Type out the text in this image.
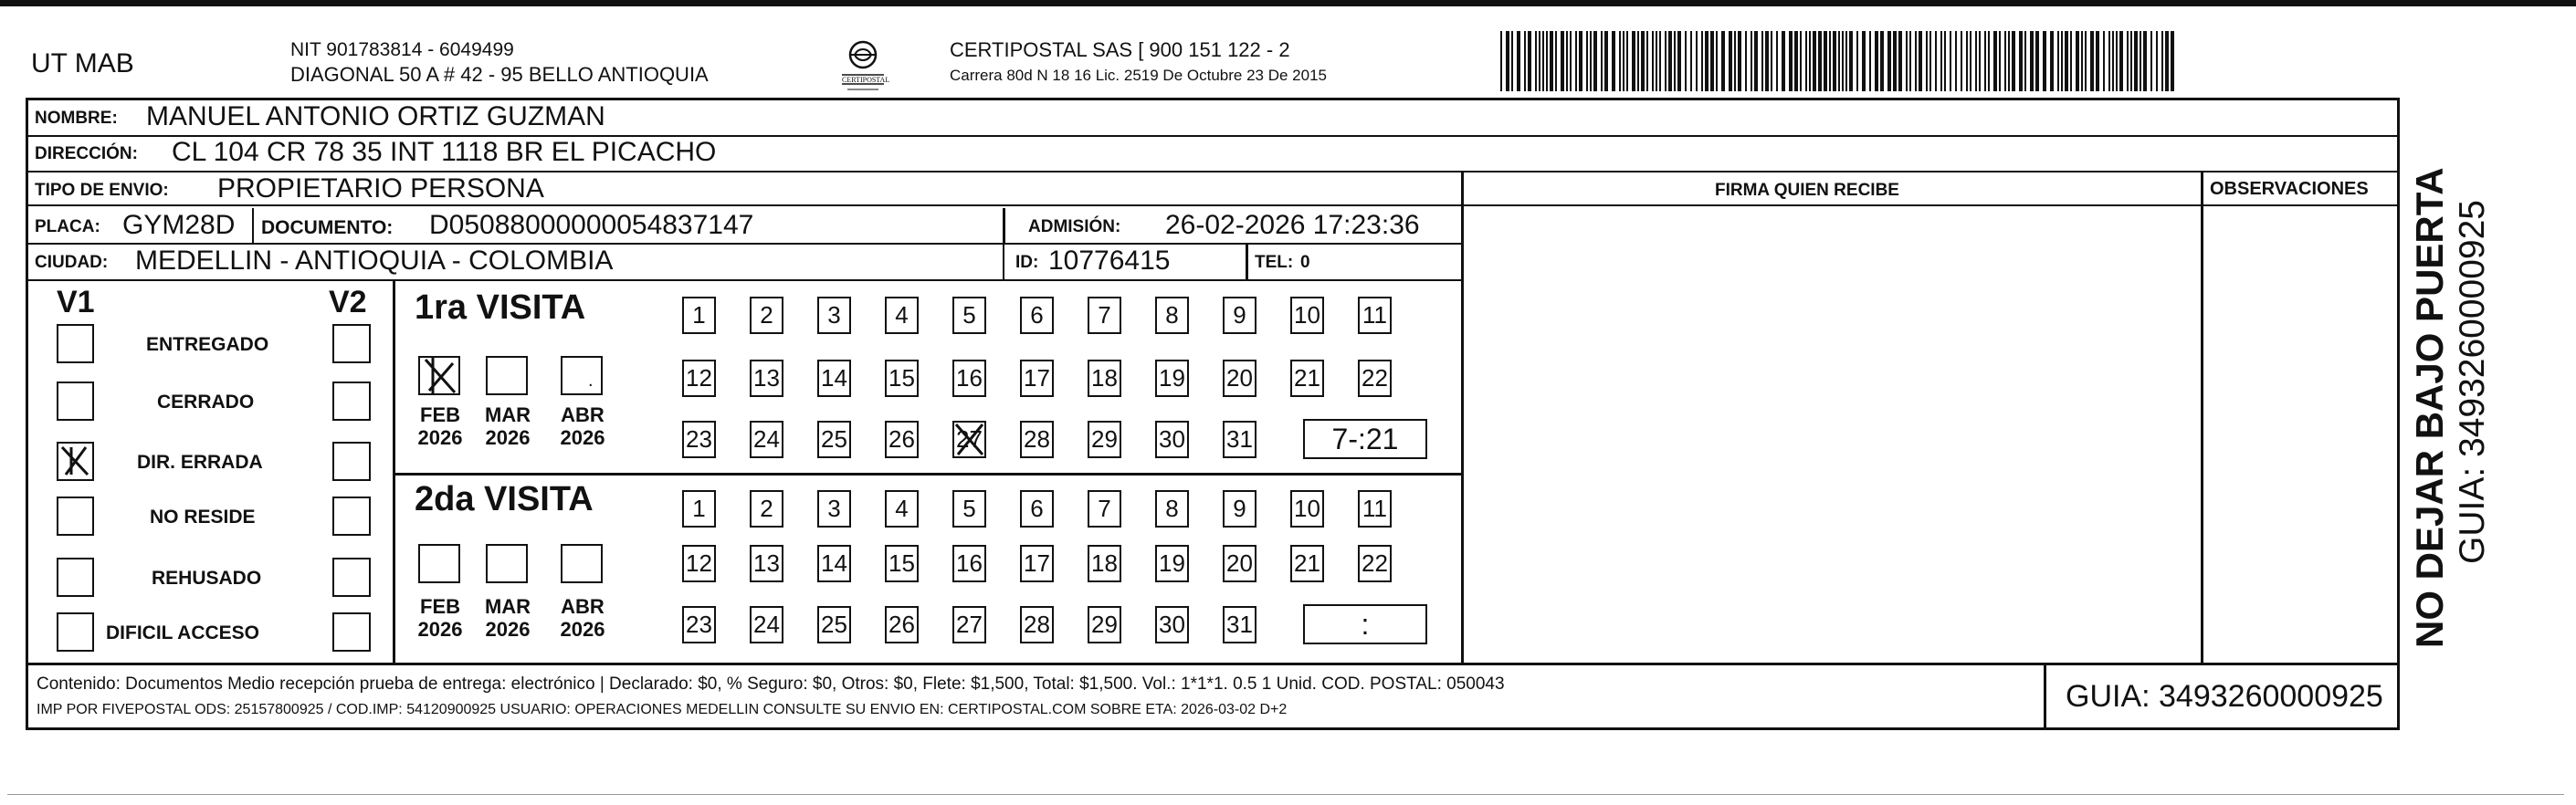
UT MAB	NIT 901783814 - 6049499
DIAGONAL 50 A # 42 - 95 BELLO ANTIOQUIA	CERTIPOSTAL
CERTIPOSTAL SAS [ 900 151 122 - 2
Carrera 80d N 18 16 Lic. 2519 De Octubre 23 De 2015
NOMBRE: MANUEL ANTONIO ORTIZ GUZMAN
DIRECCIÓN: CL 104 CR 78 35 INT 1118 BR EL PICACHO
TIPO DE ENVIO: PROPIETARIO PERSONA	FIRMA QUIEN RECIBE	OBSERVACIONES
PLACA: GYM28D DOCUMENTO: D05088000000054837147	ADMISIÓN: 26-02-2026 17:23:36
CIUDAD: MEDELLIN - ANTIOQUIA - COLOMBIA	ID: 10776415	TEL: 0
V1	V2
ENTREGADO
CERRADO
DIR. ERRADA
NO RESIDE
REHUSADO
DIFICIL ACCESO
1ra VISITA
FEB
2026
MAR
2026
.
ABR
2026
1 2 3 4 5 6 7 8 9 10 11
12 13 14 15 16 17 18 19 20 21 22
23 24 25 26 27 28 29 30 31	7-:21
2da VISITA
FEB
2026
MAR
2026
ABR
2026
1 2 3 4 5 6 7 8 9 10 11
12 13 14 15 16 17 18 19 20 21 22
23 24 25 26 27 28 29 30 31	:
Contenido: Documentos Medio recepción prueba de entrega: electrónico | Declarado: $0, % Seguro: $0, Otros: $0, Flete: $1,500, Total: $1,500. Vol.: 1*1*1. 0.5 1 Unid. COD. POSTAL: 050043
IMP POR FIVEPOSTAL ODS: 25157800925 / COD.IMP: 54120900925 USUARIO: OPERACIONES MEDELLIN CONSULTE SU ENVIO EN: CERTIPOSTAL.COM SOBRE ETA: 2026-03-02 D+2	GUIA: 3493260000925
NO DEJAR BAJO PUERTA GUIA: 3493260000925
